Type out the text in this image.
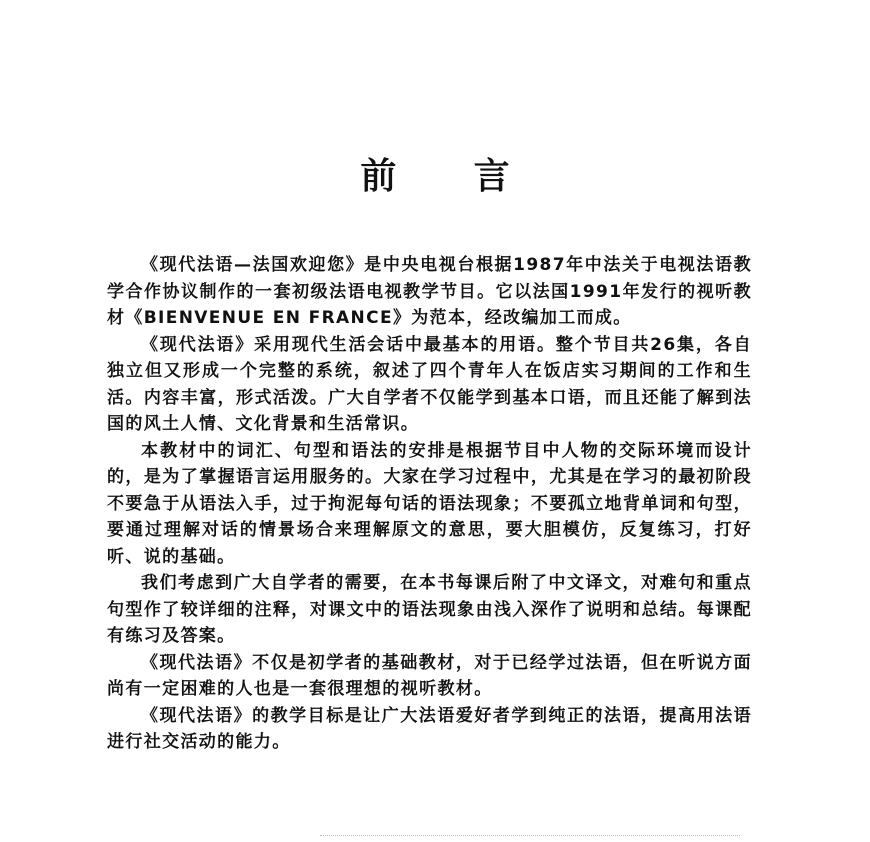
前 言

《现代法语—法国欢迎您》是中央电视台根据1987年中法关于电视法语教学合作协议制作的一套初级法语电视教学节目。它以法国1991年发行的视听教材《BIENVENUE EN FRANCE》为范本，经改编加工而成。

《现代法语》采用现代生活会话中最基本的用语。整个节目共26集，各自独立但又形成一个完整的系统，叙述了四个青年人在饭店实习期间的工作和生活。内容丰富，形式活泼。广大自学者不仅能学到基本口语，而且还能了解到法国的风土人情、文化背景和生活常识。

本教材中的词汇、句型和语法的安排是根据节目中人物的交际环境而设计的，是为了掌握语言运用服务的。大家在学习过程中，尤其是在学习的最初阶段不要急于从语法入手，过于拘泥每句话的语法现象；不要孤立地背单词和句型，要通过理解对话的情景场合来理解原文的意思，要大胆模仿，反复练习，打好听、说的基础。

我们考虑到广大自学者的需要，在本书每课后附了中文译文，对难句和重点句型作了较详细的注释，对课文中的语法现象由浅入深作了说明和总结。每课配有练习及答案。

《现代法语》不仅是初学者的基础教材，对于已经学过法语，但在听说方面尚有一定困难的人也是一套很理想的视听教材。

《现代法语》的教学目标是让广大法语爱好者学到纯正的法语，提高用法语进行社交活动的能力。
